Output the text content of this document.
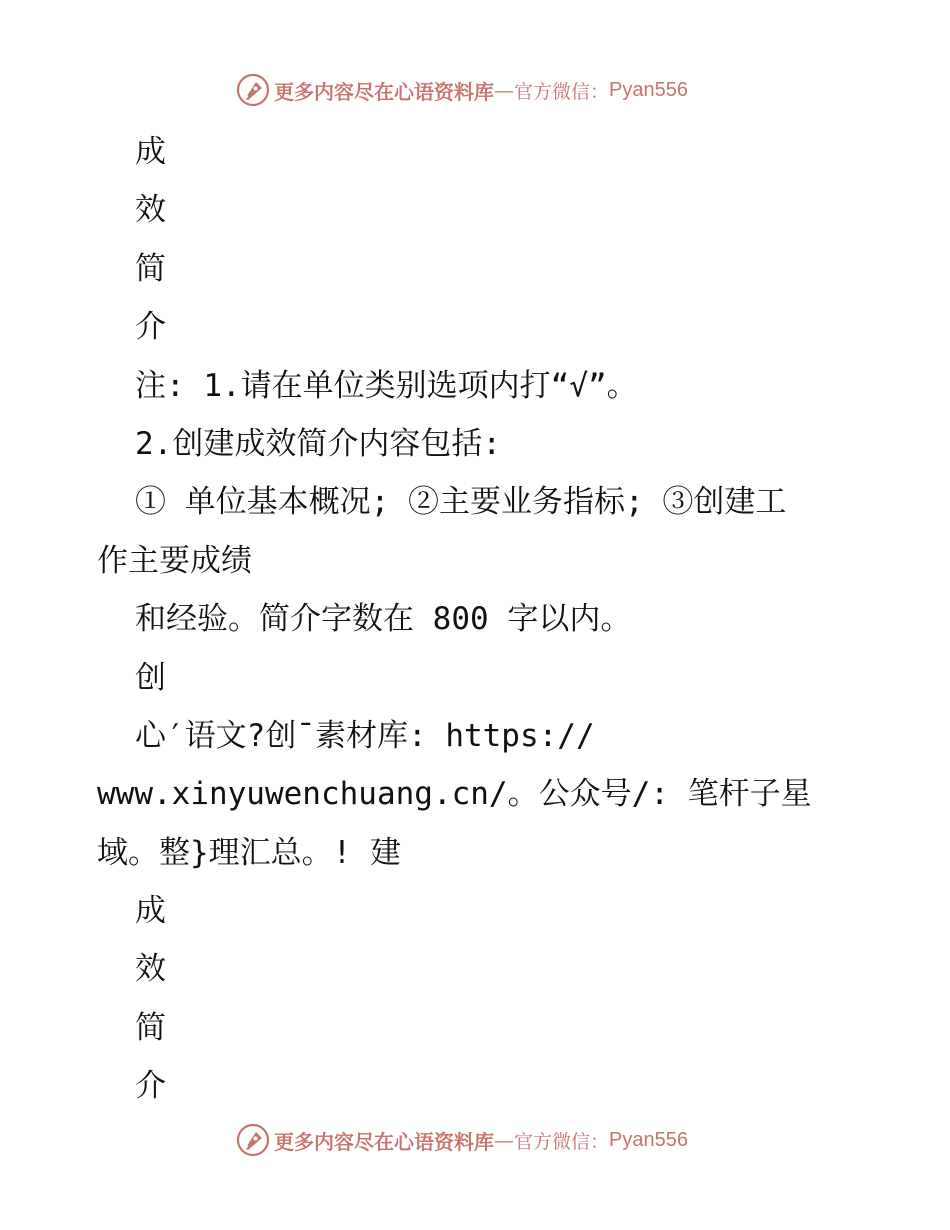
更多内容尽在心语资料库 — 官方微信： Pyan556

成

效

简

介

注: 1.请在单位类别选项内打“√”。

2.创建成效简介内容包括:

① 单位基本概况; ②主要业务指标; ③创建工

作主要成绩

和经验。简介字数在 800 字以内。

创

心′语文?创¯素材库: https://

www.xinyuwenchuang.cn/。公众号/: 笔杆子星

域。整}理汇总。! 建

成

效

简

介

更多内容尽在心语资料库 — 官方微信： Pyan556
